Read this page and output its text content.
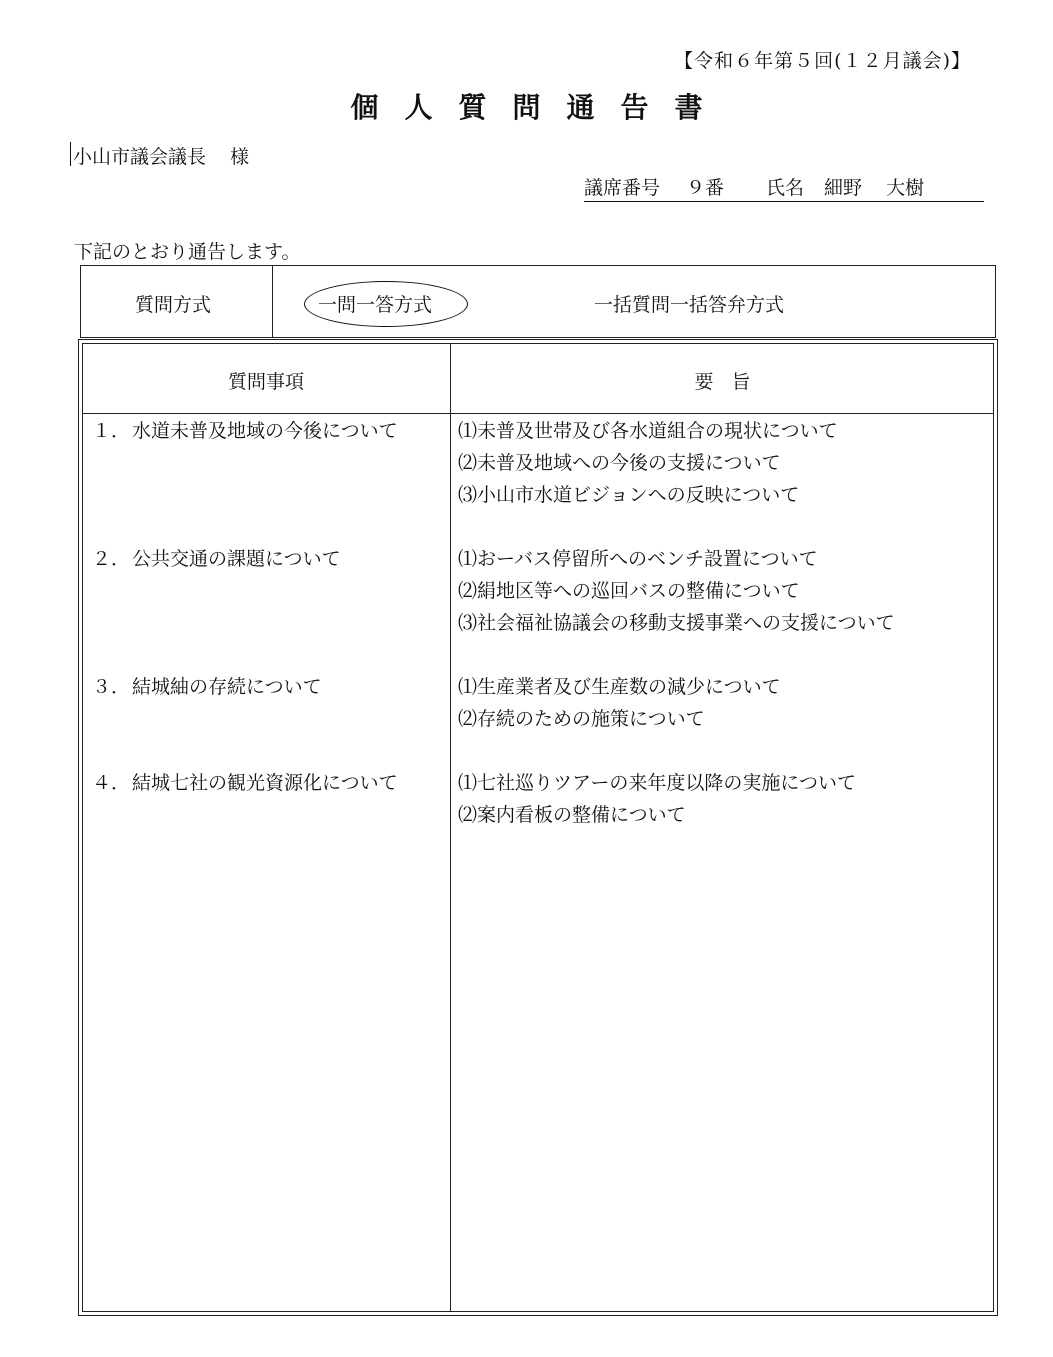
【令和６年第５回(１２月議会)】
個人質問通告書
小山市議会議長 様
議席番号 ９番 氏名 細野 大樹
下記のとおり通告します。
質問方式	一問一答方式	一括質問一括答弁方式
質問事項	要旨
１． 水道未普及地域の今後について	⑴未普及世帯及び各水道組合の現状について
⑵未普及地域への今後の支援について
⑶小山市水道ビジョンへの反映について
２． 公共交通の課題について	⑴おーバス停留所へのベンチ設置について
⑵絹地区等への巡回バスの整備について
⑶社会福祉協議会の移動支援事業への支援について
３． 結城紬の存続について	⑴生産業者及び生産数の減少について
⑵存続のための施策について
４． 結城七社の観光資源化について	⑴七社巡りツアーの来年度以降の実施について
⑵案内看板の整備について
